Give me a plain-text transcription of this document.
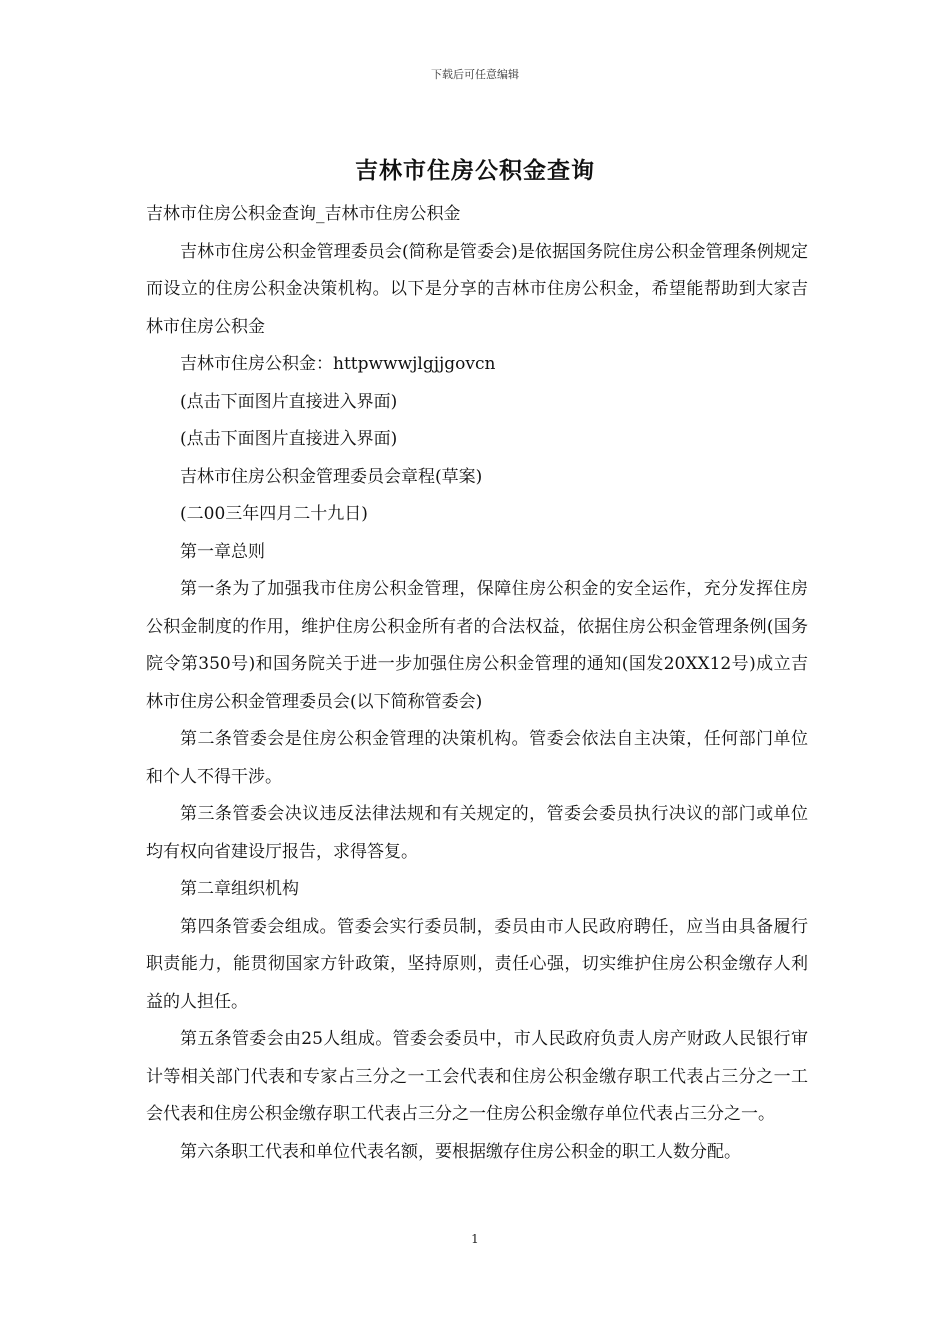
下载后可任意编辑
吉林市住房公积金查询

吉林市住房公积金查询_吉林市住房公积金

吉林市住房公积金管理委员会(简称是管委会)是依据国务院住房公积金管理条例规定而设立的住房公积金决策机构。以下是分享的吉林市住房公积金，希望能帮助到大家吉林市住房公积金

吉林市住房公积金：httpwwwjlgjjgovcn

(点击下面图片直接进入界面)

(点击下面图片直接进入界面)

吉林市住房公积金管理委员会章程(草案)

(二00三年四月二十九日)

第一章总则

第一条为了加强我市住房公积金管理，保障住房公积金的安全运作，充分发挥住房公积金制度的作用，维护住房公积金所有者的合法权益，依据住房公积金管理条例(国务院令第350号)和国务院关于进一步加强住房公积金管理的通知(国发20XX12号)成立吉林市住房公积金管理委员会(以下简称管委会)

第二条管委会是住房公积金管理的决策机构。管委会依法自主决策，任何部门单位和个人不得干涉。

第三条管委会决议违反法律法规和有关规定的，管委会委员执行决议的部门或单位均有权向省建设厅报告，求得答复。

第二章组织机构

第四条管委会组成。管委会实行委员制，委员由市人民政府聘任，应当由具备履行职责能力，能贯彻国家方针政策，坚持原则，责任心强，切实维护住房公积金缴存人利益的人担任。

第五条管委会由25人组成。管委会委员中，市人民政府负责人房产财政人民银行审计等相关部门代表和专家占三分之一工会代表和住房公积金缴存职工代表占三分之一工会代表和住房公积金缴存职工代表占三分之一住房公积金缴存单位代表占三分之一。

第六条职工代表和单位代表名额，要根据缴存住房公积金的职工人数分配。

1
